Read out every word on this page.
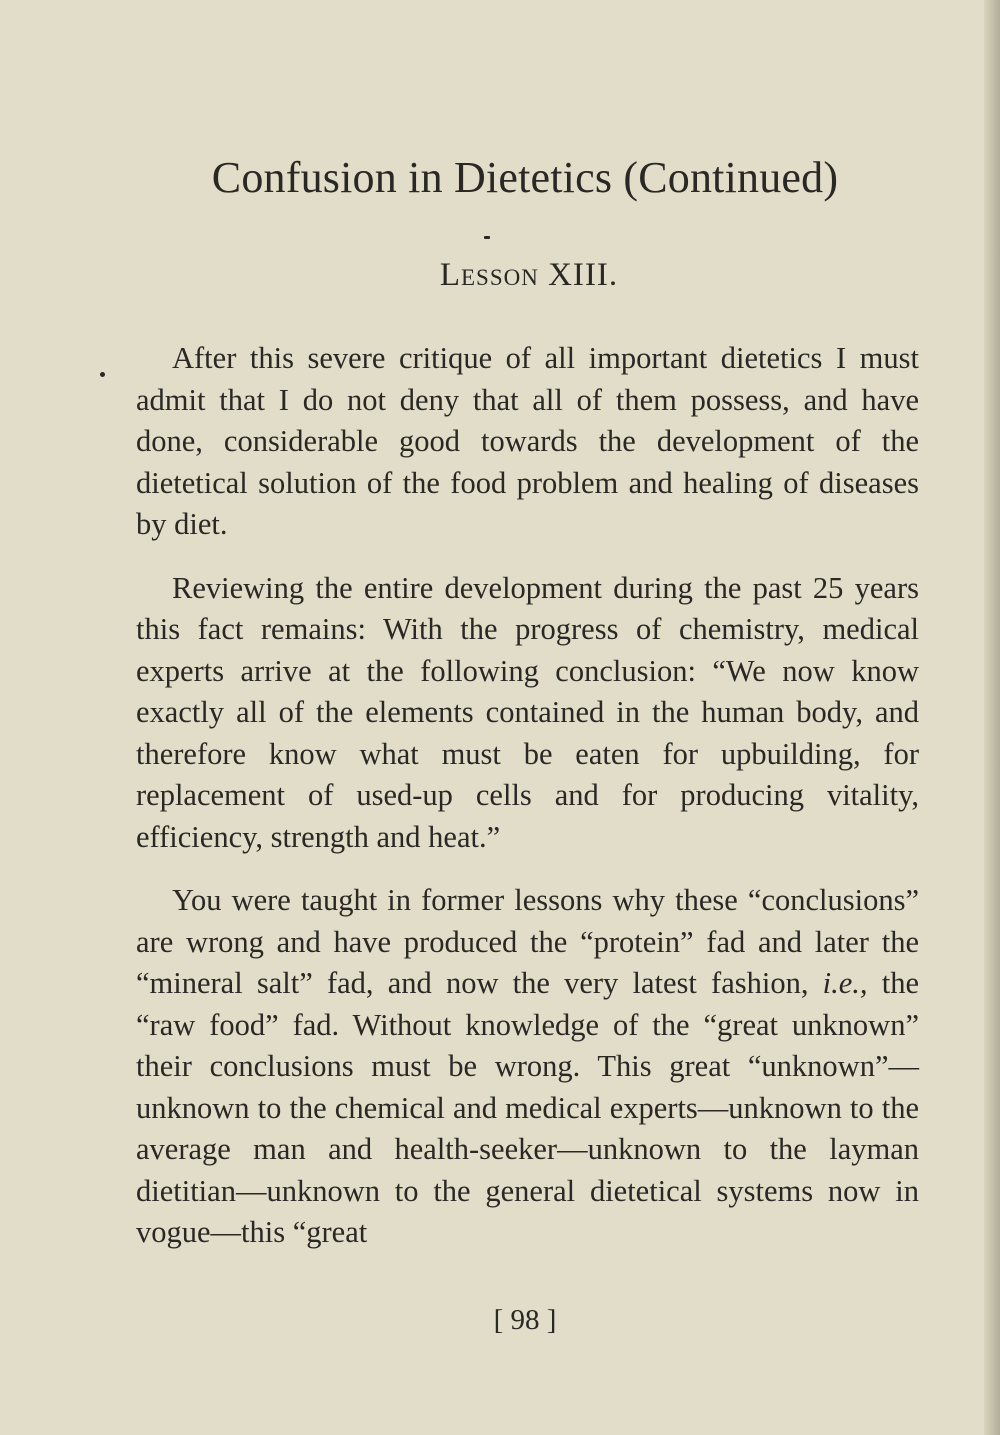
Confusion in Dietetics (Continued)
Lesson XIII.

After this severe critique of all important dietetics I must admit that I do not deny that all of them possess, and have done, considerable good towards the development of the dietetical solution of the food problem and healing of diseases by diet.

Reviewing the entire development during the past 25 years this fact remains: With the progress of chemistry, medical experts arrive at the following conclusion: “We now know exactly all of the elements contained in the human body, and therefore know what must be eaten for upbuilding, for replacement of used-up cells and for producing vitality, efficiency, strength and heat.”

You were taught in former lessons why these “conclusions” are wrong and have produced the “protein” fad and later the “mineral salt” fad, and now the very latest fashion, i.e., the “raw food” fad. Without knowledge of the “great unknown” their conclusions must be wrong. This great “unknown”—unknown to the chemical and medical experts—unknown to the average man and health-seeker—unknown to the layman dietitian—unknown to the general dietetical systems now in vogue—this “great

[ 98 ]
